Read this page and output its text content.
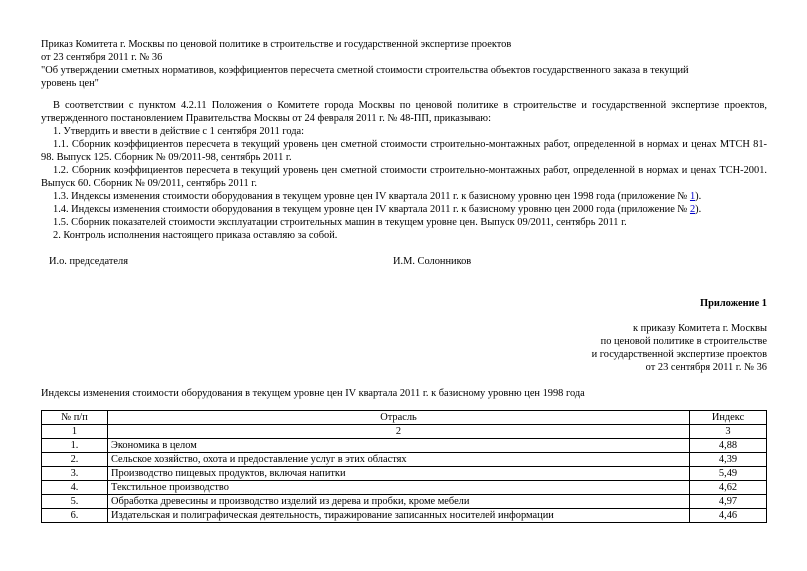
Приказ Комитета г. Москвы по ценовой политике в строительстве и государственной экспертизе проектов
от 23 сентября 2011 г. № 36
"Об утверждении сметных нормативов, коэффициентов пересчета сметной стоимости строительства объектов государственного заказа в текущий
уровень цен"

В соответствии с пунктом 4.2.11 Положения о Комитете города Москвы по ценовой политике в строительстве и государственной экспертизе проектов, утвержденного постановлением Правительства Москвы от 24 февраля 2011 г. № 48-ПП, приказываю:

1. Утвердить и ввести в действие с 1 сентября 2011 года:

1.1. Сборник коэффициентов пересчета в текущий уровень цен сметной стоимости строительно-монтажных работ, определенной в нормах и ценах МТСН 81-98. Выпуск 125. Сборник № 09/2011-98, сентябрь 2011 г.

1.2. Сборник коэффициентов пересчета в текущий уровень цен сметной стоимости строительно-монтажных работ, определенной в нормах и ценах ТСН-2001. Выпуск 60. Сборник № 09/2011, сентябрь 2011 г.

1.3. Индексы изменения стоимости оборудования в текущем уровне цен IV квартала 2011 г. к базисному уровню цен 1998 года (приложение № 1).

1.4. Индексы изменения стоимости оборудования в текущем уровне цен IV квартала 2011 г. к базисному уровню цен 2000 года (приложение № 2).

1.5. Сборник показателей стоимости эксплуатации строительных машин в текущем уровне цен. Выпуск 09/2011, сентябрь 2011 г.

2. Контроль исполнения настоящего приказа оставляю за собой.

И.о. председателя	И.М. Солонников
Приложение 1
к приказу Комитета г. Москвы
по ценовой политике в строительстве
и государственной экспертизе проектов
от 23 сентября 2011 г. № 36
Индексы изменения стоимости оборудования в текущем уровне цен IV квартала 2011 г. к базисному уровню цен 1998 года
№ п/п	Отрасль	Индекс
1	2	3
1.	Экономика в целом	4,88
2.	Сельское хозяйство, охота и предоставление услуг в этих областях	4,39
3.	Производство пищевых продуктов, включая напитки	5,49
4.	Текстильное производство	4,62
5.	Обработка древесины и производство изделий из дерева и пробки, кроме мебели	4,97
6.	Издательская и полиграфическая деятельность, тиражирование записанных носителей информации	4,46
